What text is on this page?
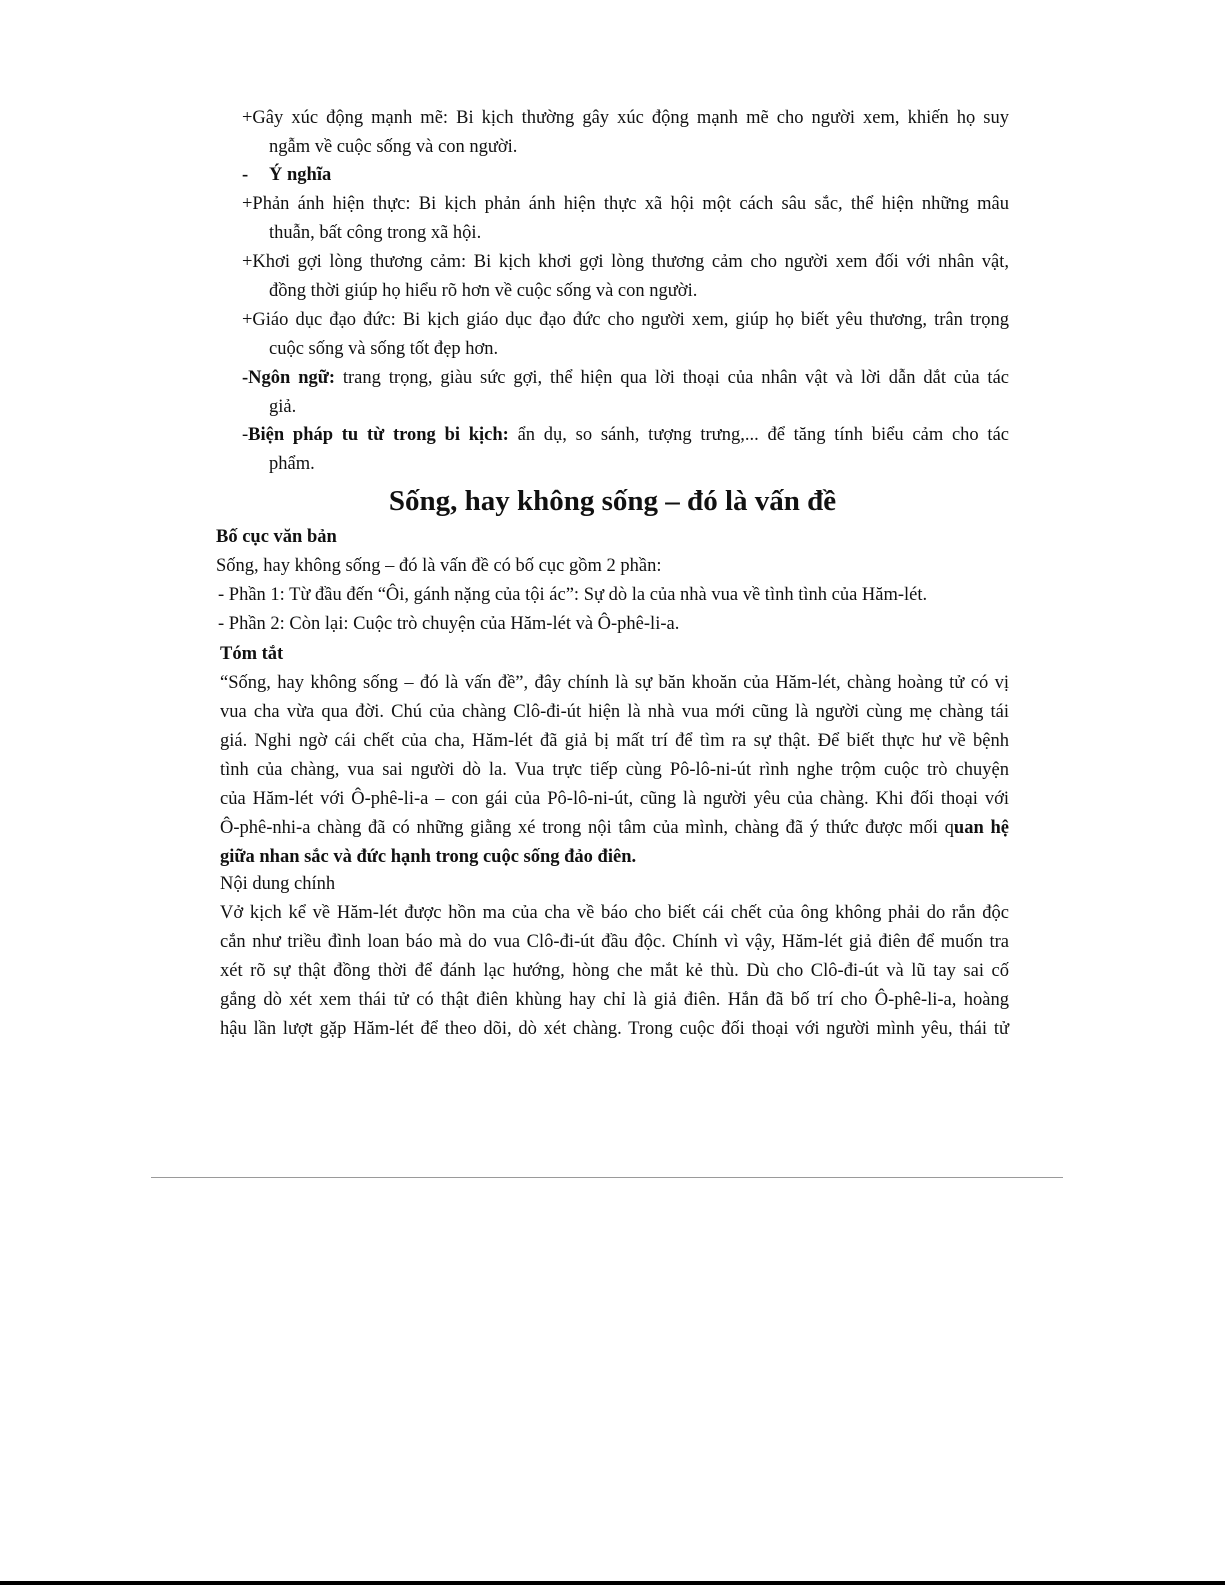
+Gây xúc động mạnh mẽ: Bi kịch thường gây xúc động mạnh mẽ cho người xem, khiến họ suy
ngẫm về cuộc sống và con người.

- Ý nghĩa

+Phản ánh hiện thực: Bi kịch phản ánh hiện thực xã hội một cách sâu sắc, thể hiện những mâu
thuẫn, bất công trong xã hội.

+Khơi gợi lòng thương cảm: Bi kịch khơi gợi lòng thương cảm cho người xem đối với nhân vật,
đồng thời giúp họ hiểu rõ hơn về cuộc sống và con người.

+Giáo dục đạo đức: Bi kịch giáo dục đạo đức cho người xem, giúp họ biết yêu thương, trân trọng
cuộc sống và sống tốt đẹp hơn.

-Ngôn ngữ: trang trọng, giàu sức gợi, thể hiện qua lời thoại của nhân vật và lời dẫn dắt của tác
giả.

-Biện pháp tu từ trong bi kịch: ẩn dụ, so sánh, tượng trưng,... để tăng tính biểu cảm cho tác
phẩm.

Sống, hay không sống – đó là vấn đề
Bố cục văn bản
Sống, hay không sống – đó là vấn đề có bố cục gồm 2 phần:
- Phần 1: Từ đầu đến “Ôi, gánh nặng của tội ác”: Sự dò la của nhà vua về tình tình của Hăm-lét.
- Phần 2: Còn lại: Cuộc trò chuyện của Hăm-lét và Ô-phê-li-a.
Tóm tắt
“Sống, hay không sống – đó là vấn đề”, đây chính là sự băn khoăn của Hăm-lét, chàng hoàng tử có vị
vua cha vừa qua đời. Chú của chàng Clô-đi-út hiện là nhà vua mới cũng là người cùng mẹ chàng tái
giá. Nghi ngờ cái chết của cha, Hăm-lét đã giả bị mất trí để tìm ra sự thật. Để biết thực hư về bệnh
tình của chàng, vua sai người dò la. Vua trực tiếp cùng Pô-lô-ni-út rình nghe trộm cuộc trò chuyện
của Hăm-lét với Ô-phê-li-a – con gái của Pô-lô-ni-út, cũng là người yêu của chàng. Khi đối thoại với
Ô-phê-nhi-a chàng đã có những giằng xé trong nội tâm của mình, chàng đã ý thức được mối quan hệ
giữa nhan sắc và đức hạnh trong cuộc sống đảo điên.
Nội dung chính
Vở kịch kể về Hăm-lét được hồn ma của cha về báo cho biết cái chết của ông không phải do rắn độc
cắn như triều đình loan báo mà do vua Clô-đi-út đầu độc. Chính vì vậy, Hăm-lét giả điên để muốn tra
xét rõ sự thật đồng thời để đánh lạc hướng, hòng che mắt kẻ thù. Dù cho Clô-đi-út và lũ tay sai cố
gắng dò xét xem thái tử có thật điên khùng hay chỉ là giả điên. Hắn đã bố trí cho Ô-phê-li-a, hoàng
hậu lần lượt gặp Hăm-lét để theo dõi, dò xét chàng. Trong cuộc đối thoại với người mình yêu, thái tử
